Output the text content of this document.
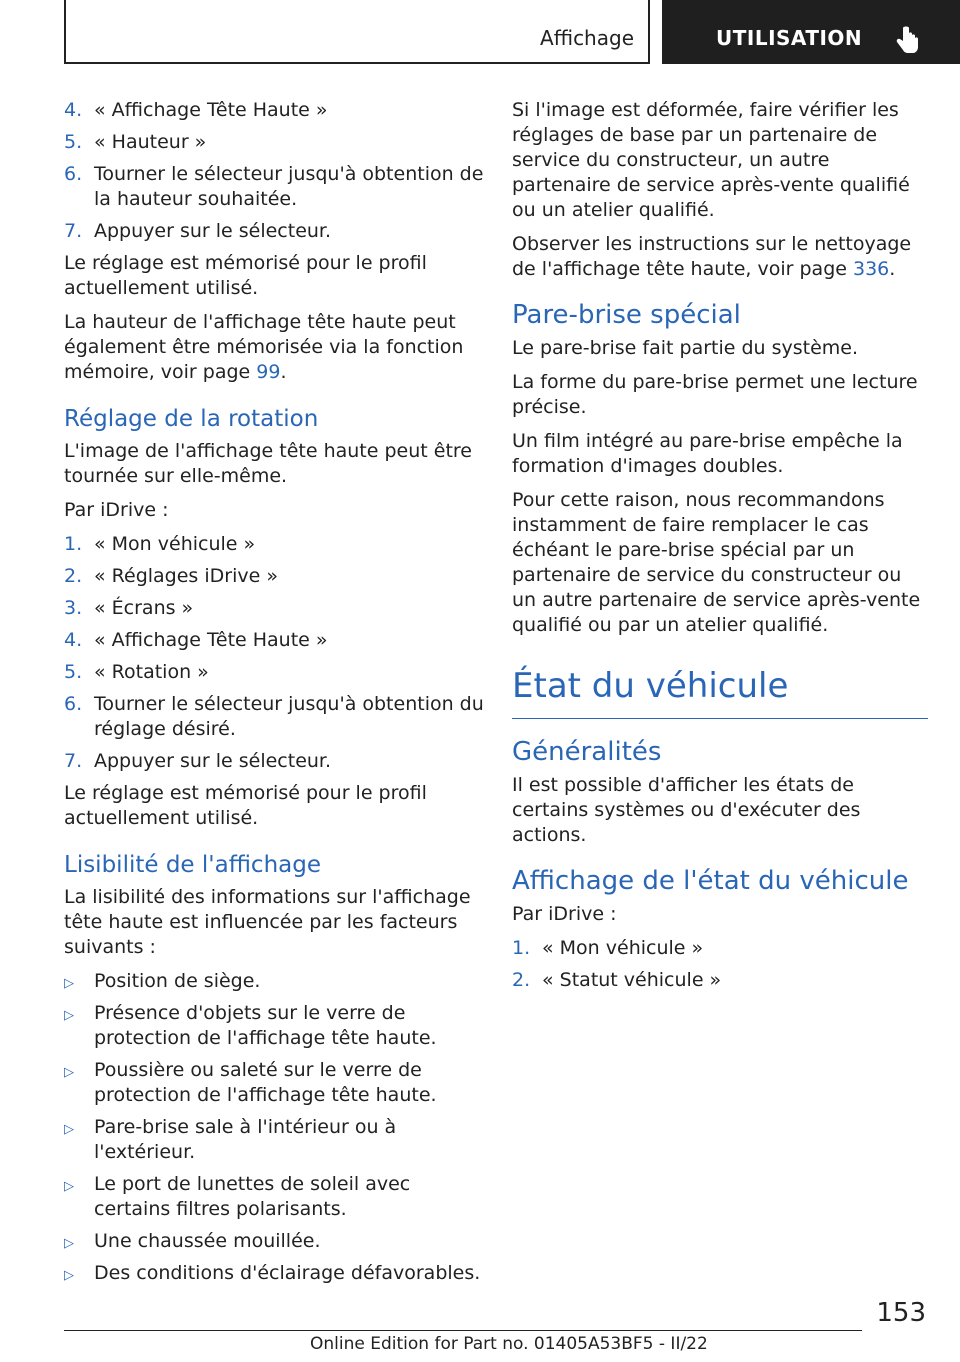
Affichage	UTILISATION
4. « Affichage Tête Haute »
5. « Hauteur »
6. Tourner le sélecteur jusqu'à obtention de la hauteur souhaitée.
7. Appuyer sur le sélecteur.

Le réglage est mémorisé pour le profil actuellement utilisé.

La hauteur de l'affichage tête haute peut également être mémorisée via la fonction mémoire, voir page 99.

Réglage de la rotation

L'image de l'affichage tête haute peut être tournée sur elle-même.

Par iDrive :

1. « Mon véhicule »
2. « Réglages iDrive »
3. « Écrans »
4. « Affichage Tête Haute »
5. « Rotation »
6. Tourner le sélecteur jusqu'à obtention du réglage désiré.
7. Appuyer sur le sélecteur.

Le réglage est mémorisé pour le profil actuellement utilisé.

Lisibilité de l'affichage

La lisibilité des informations sur l'affichage tête haute est influencée par les facteurs suivants :

▷ Position de siège.
▷ Présence d'objets sur le verre de protection de l'affichage tête haute.
▷ Poussière ou saleté sur le verre de protection de l'affichage tête haute.
▷ Pare-brise sale à l'intérieur ou à l'extérieur.
▷ Le port de lunettes de soleil avec certains filtres polarisants.
▷ Une chaussée mouillée.
▷ Des conditions d'éclairage défavorables.

Si l'image est déformée, faire vérifier les réglages de base par un partenaire de service du constructeur, un autre partenaire de service après-vente qualifié ou un atelier qualifié.

Observer les instructions sur le nettoyage de l'affichage tête haute, voir page 336.

Pare-brise spécial

Le pare-brise fait partie du système.

La forme du pare-brise permet une lecture précise.

Un film intégré au pare-brise empêche la formation d'images doubles.

Pour cette raison, nous recommandons instamment de faire remplacer le cas échéant le pare-brise spécial par un partenaire de service du constructeur ou un autre partenaire de service après-vente qualifié ou par un atelier qualifié.

État du véhicule
Généralités

Il est possible d'afficher les états de certains systèmes ou d'exécuter des actions.

Affichage de l'état du véhicule

Par iDrive :

1. « Mon véhicule »
2. « Statut véhicule »
153
Online Edition for Part no. 01405A53BF5 - II/22
